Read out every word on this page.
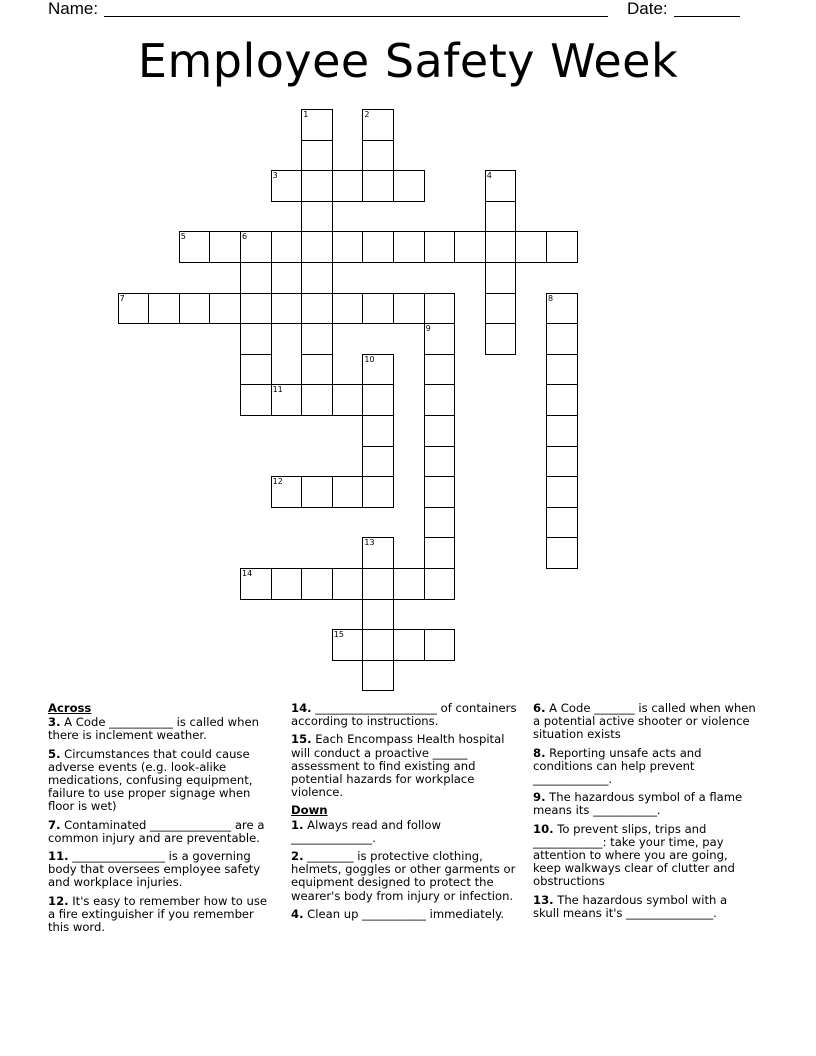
Name:	Date:
Employee Safety Week
1	2
3	4
5	6
7	8
9
10
11
12
13
14
15
Across
3. A Code ___________ is called when there is inclement weather.
5. Circumstances that could cause adverse events (e.g. look-alike medications, confusing equipment, failure to use proper signage when floor is wet)
7. Contaminated ______________ are a common injury and are preventable.
11. ________________ is a governing body that oversees employee safety and workplace injuries.
12. It's easy to remember how to use a fire extinguisher if you remember this word.
14. _____________________ of containers according to instructions.
15. Each Encompass Health hospital will conduct a proactive ______ assessment to find existing and potential hazards for workplace violence.
Down
1. Always read and follow ______________.
2. ________ is protective clothing, helmets, goggles or other garments or equipment designed to protect the wearer's body from injury or infection.
4. Clean up ___________ immediately.
6. A Code _______ is called when when a potential active shooter or violence situation exists
8. Reporting unsafe acts and conditions can help prevent _____________.
9. The hazardous symbol of a flame means its ___________.
10. To prevent slips, trips and ____________: take your time, pay attention to where you are going, keep walkways clear of clutter and obstructions
13. The hazardous symbol with a skull means it's _______________.
